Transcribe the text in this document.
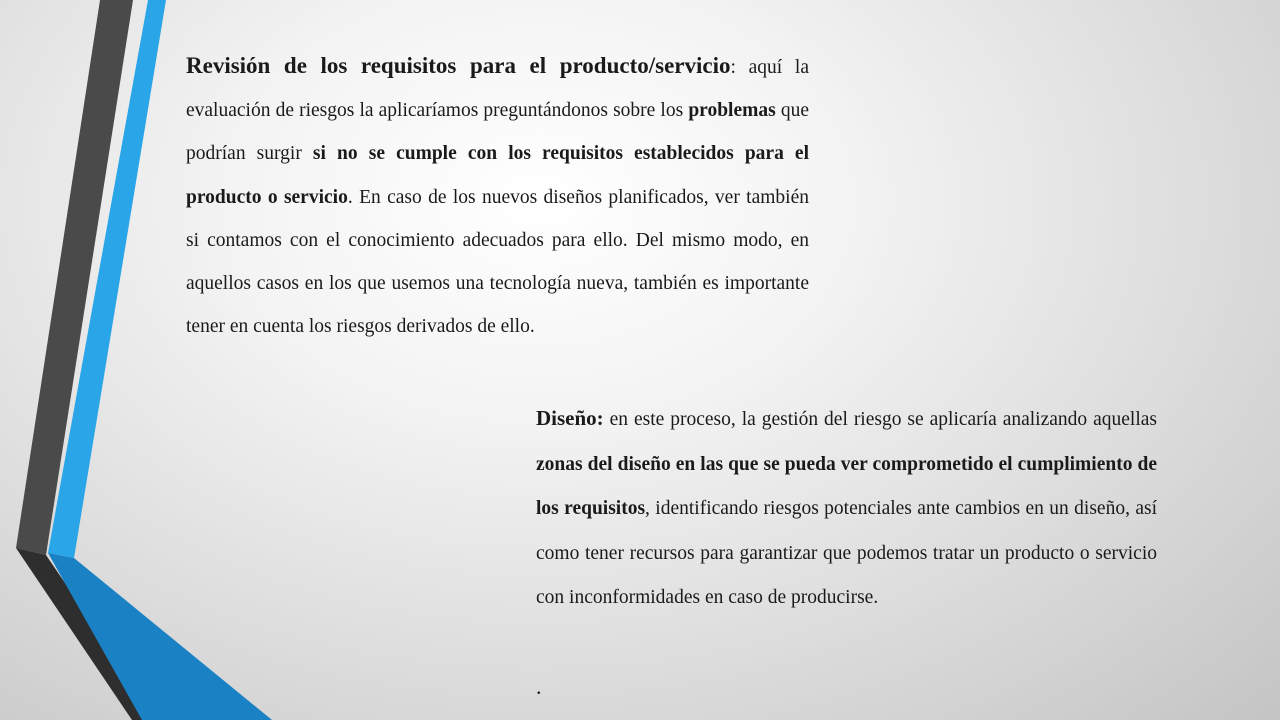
Revisión de los requisitos para el producto/servicio: aquí la evaluación de riesgos la aplicaríamos preguntándonos sobre los problemas que podrían surgir si no se cumple con los requisitos establecidos para el producto o servicio. En caso de los nuevos diseños planificados, ver también si contamos con el conocimiento adecuados para ello. Del mismo modo, en aquellos casos en los que usemos una tecnología nueva, también es importante tener en cuenta los riesgos derivados de ello.

Diseño: en este proceso, la gestión del riesgo se aplicaría analizando aquellas zonas del diseño en las que se pueda ver comprometido el cumplimiento de los requisitos, identificando riesgos potenciales ante cambios en un diseño, así como tener recursos para garantizar que podemos tratar un producto o servicio con inconformidades en caso de producirse.

.
